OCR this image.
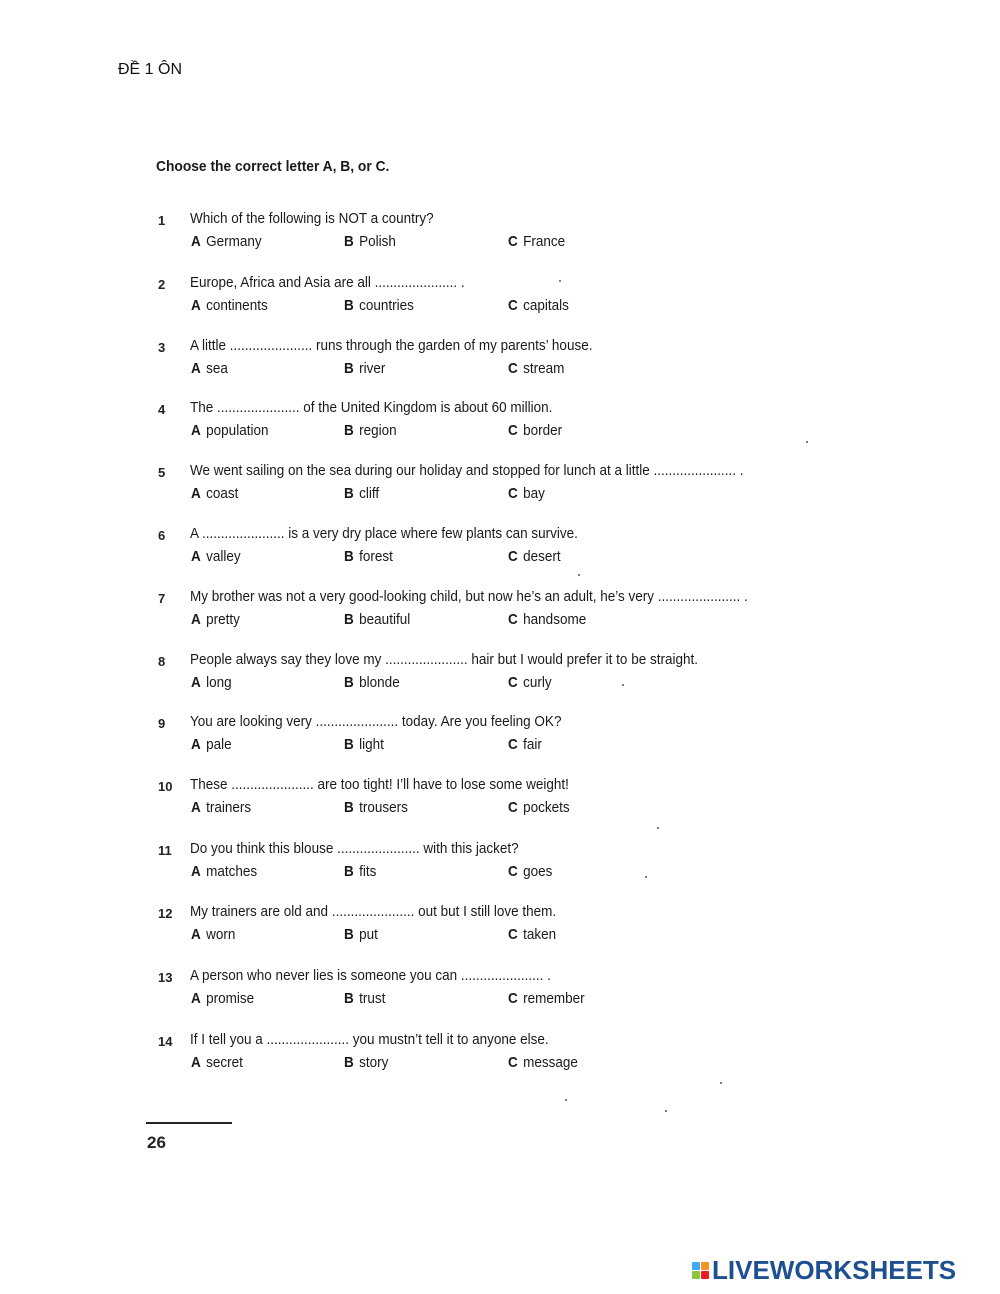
ĐỀ 1 ÔN
Choose the correct letter A, B, or C.
1	Which of the following is NOT a country?
A Germany	B Polish	C France
2	Europe, Africa and Asia are all ...................... .
A continents	B countries	C capitals
3	A little ...................... runs through the garden of my parents’ house.
A sea	B river	C stream
4	The ...................... of the United Kingdom is about 60 million.
A population	B region	C border
5	We went sailing on the sea during our holiday and stopped for lunch at a little ...................... .
A coast	B cliff	C bay
6	A ...................... is a very dry place where few plants can survive.
A valley	B forest	C desert
7	My brother was not a very good-looking child, but now he’s an adult, he’s very ...................... .
A pretty	B beautiful	C handsome
8	People always say they love my ...................... hair but I would prefer it to be straight.
A long	B blonde	C curly
9	You are looking very ...................... today. Are you feeling OK?
A pale	B light	C fair
10	These ...................... are too tight! I’ll have to lose some weight!
A trainers	B trousers	C pockets
11	Do you think this blouse ...................... with this jacket?
A matches	B fits	C goes
12	My trainers are old and ...................... out but I still love them.
A worn	B put	C taken
13	A person who never lies is someone you can ...................... .
A promise	B trust	C remember
14	If I tell you a ...................... you mustn’t tell it to anyone else.
A secret	B story	C message
26
LIVEWORKSHEETS
